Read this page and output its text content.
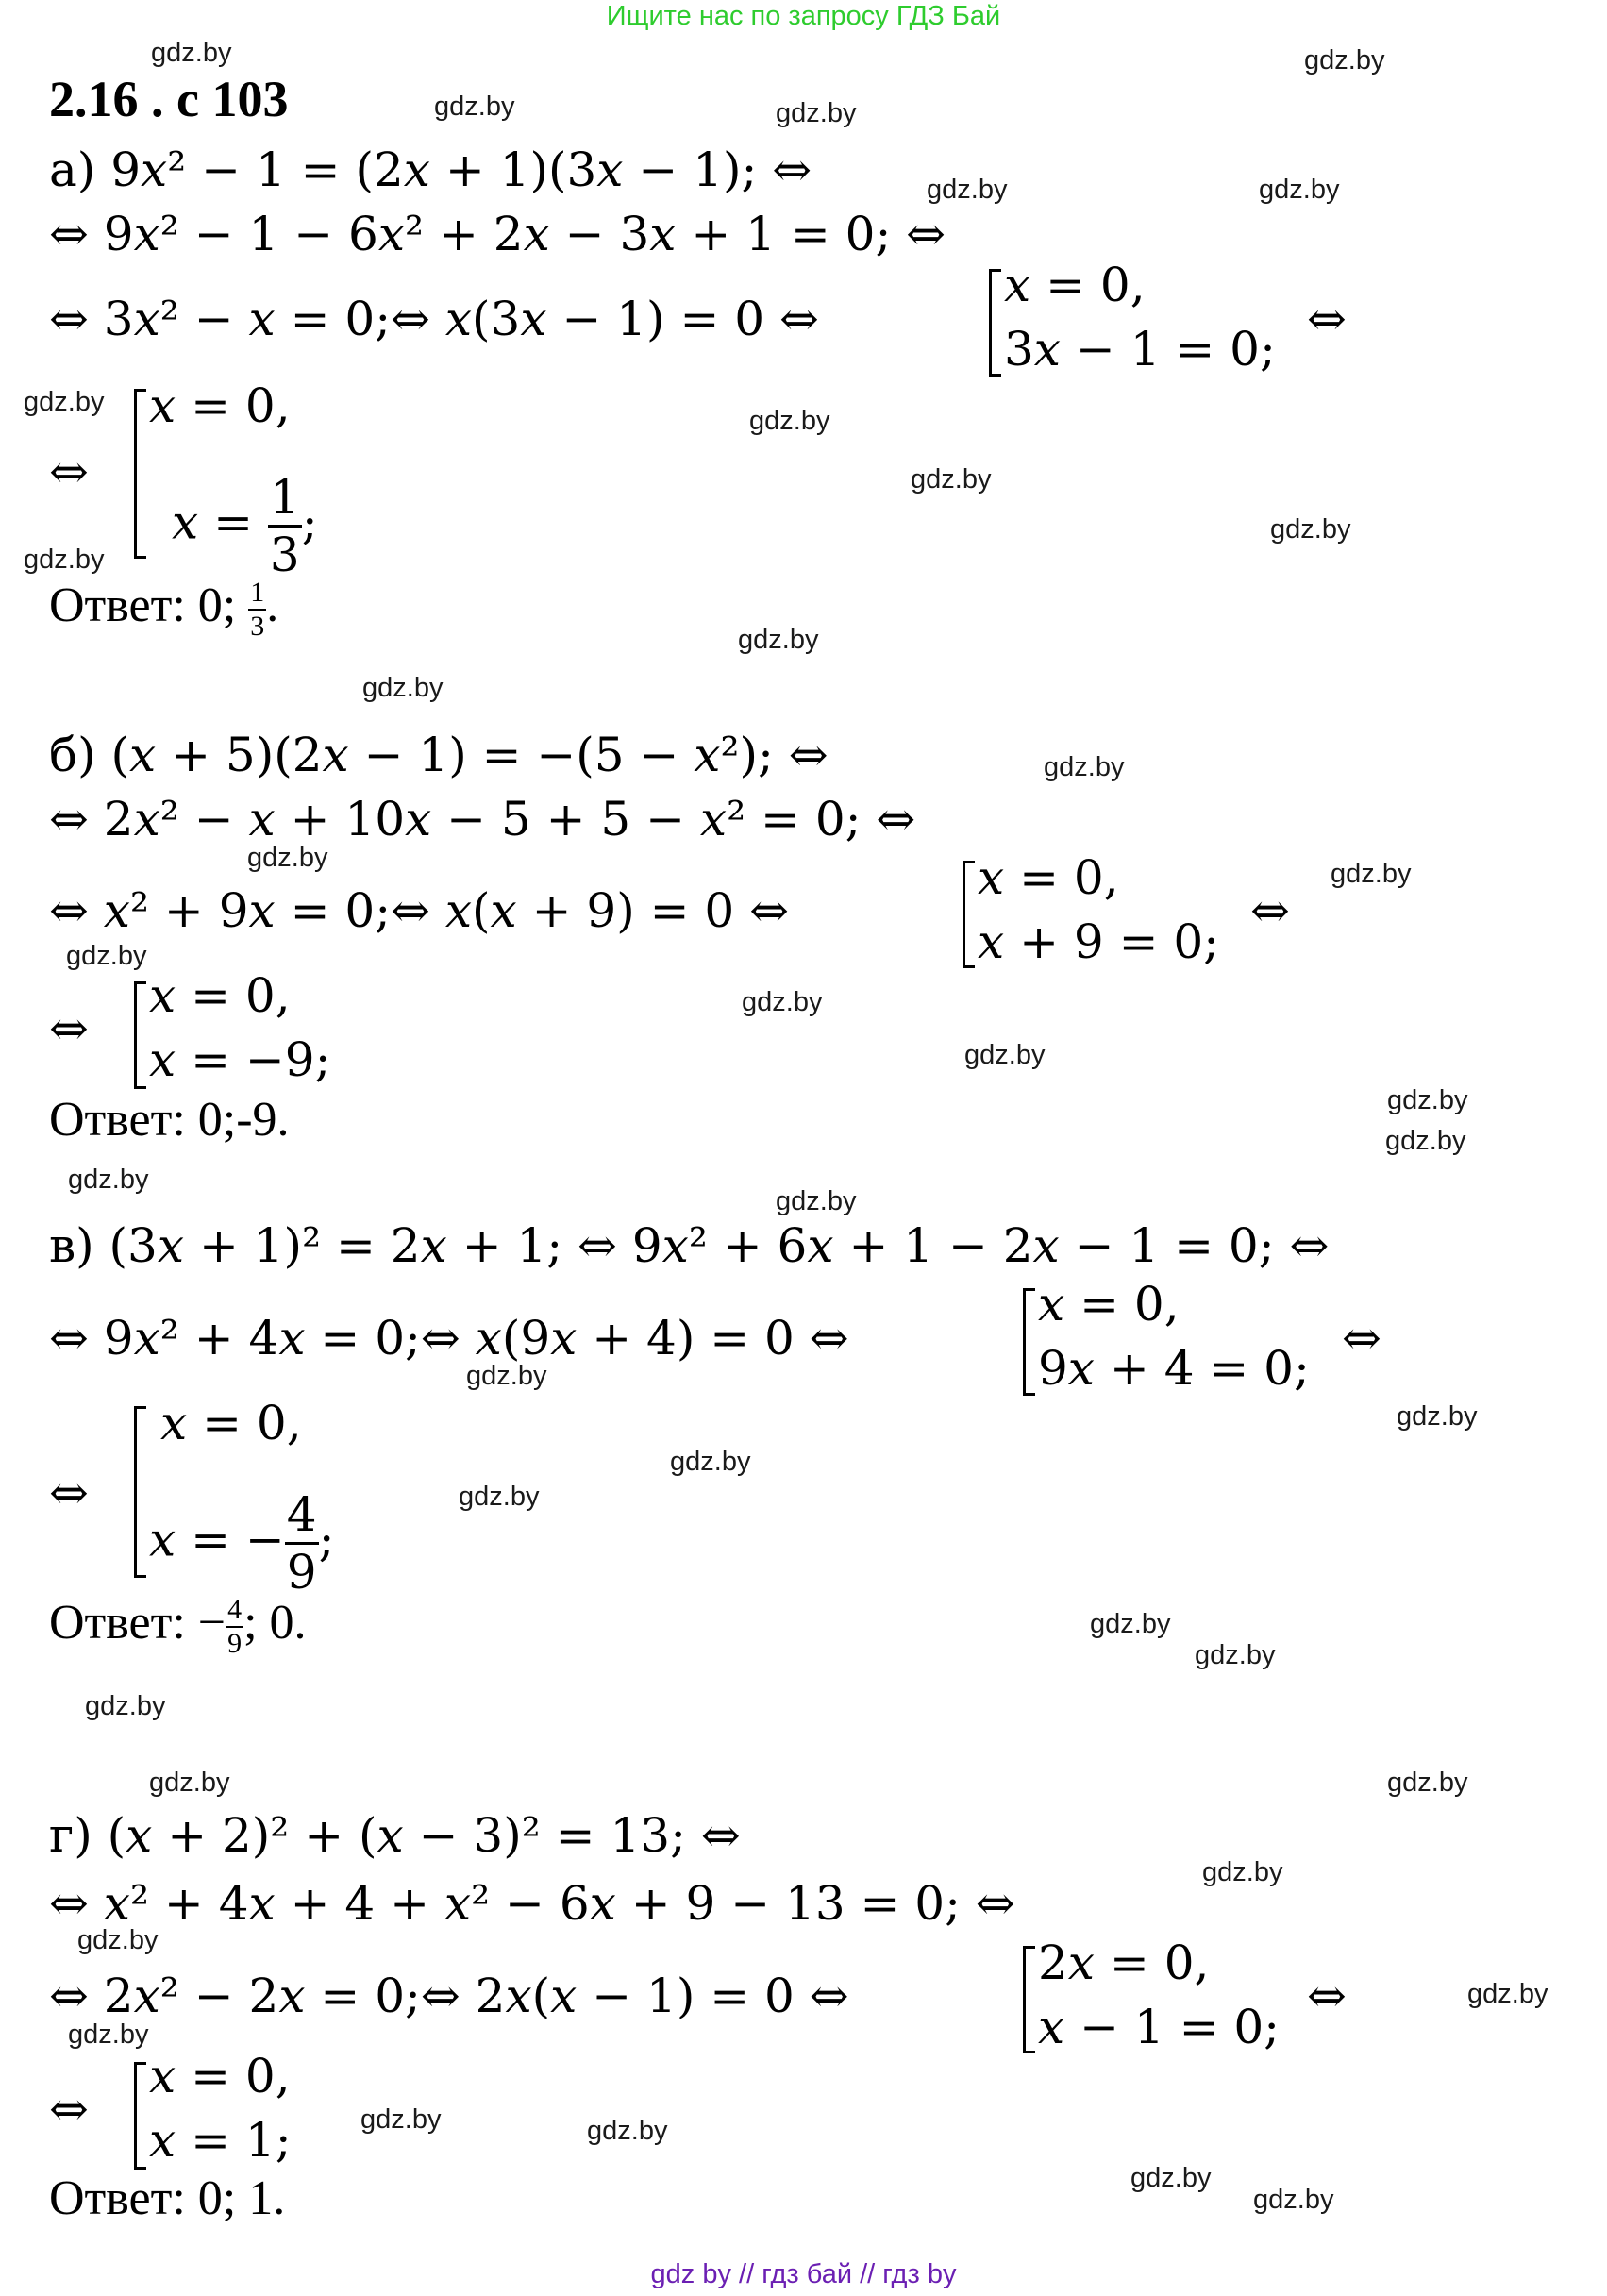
Ищите нас по запросу ГДЗ Бай
2.16 . с 103
а) 9𝑥² − 1 = (2𝑥 + 1)(3𝑥 − 1); ⇔
⇔ 9𝑥² − 1 − 6𝑥² + 2𝑥 − 3𝑥 + 1 = 0; ⇔
⇔ 3𝑥² − 𝑥 = 0;⇔ 𝑥(3𝑥 − 1) = 0 ⇔
𝑥 = 0,
3𝑥 − 1 = 0;
⇔
⇔
𝑥 = 0,
𝑥 = $\frac{1}{3}$ ;
Ответ: 0; $\frac{1}{3}$ .
б) (𝑥 + 5)(2𝑥 − 1) = −(5 − 𝑥²); ⇔
⇔ 2𝑥² − 𝑥 + 10𝑥 − 5 + 5 − 𝑥² = 0; ⇔
⇔ 𝑥² + 9𝑥 = 0;⇔ 𝑥(𝑥 + 9) = 0 ⇔
𝑥 = 0,
𝑥 + 9 = 0;
⇔
⇔
𝑥 = 0,
𝑥 = −9;
Ответ: 0;-9.
в) (3𝑥 + 1)² = 2𝑥 + 1; ⇔ 9𝑥² + 6𝑥 + 1 − 2𝑥 − 1 = 0; ⇔
⇔ 9𝑥² + 4𝑥 = 0;⇔ 𝑥(9𝑥 + 4) = 0 ⇔
𝑥 = 0,
9𝑥 + 4 = 0;
⇔
⇔
𝑥 = 0,
𝑥 = − $\frac{4}{9}$ ;
Ответ: − $\frac{4}{9}$ ; 0.
г) (𝑥 + 2)² + (𝑥 − 3)² = 13; ⇔
⇔ 𝑥² + 4𝑥 + 4 + 𝑥² − 6𝑥 + 9 − 13 = 0; ⇔
⇔ 2𝑥² − 2𝑥 = 0;⇔ 2𝑥(𝑥 − 1) = 0 ⇔
2𝑥 = 0,
𝑥 − 1 = 0;
⇔
⇔
𝑥 = 0,
𝑥 = 1;
Ответ: 0; 1.
gdz.by	gdz.by
gdz.by	gdz.by
gdz.by	gdz.by
gdz.by
gdz.by
gdz.by
gdz.by
gdz.by
gdz.by
gdz.by
gdz.by
gdz.by
gdz.by
gdz.by
gdz.by
gdz.by
gdz.by
gdz.by
gdz.by
gdz.by
gdz.by
gdz.by
gdz.by
gdz.by
gdz.by
gdz.by
gdz.by
gdz.by	gdz.by
gdz.by
gdz.by
gdz.by
gdz.by
gdz.by	gdz.by
gdz.by
gdz.by
gdz by // гдз бай // гдз by
